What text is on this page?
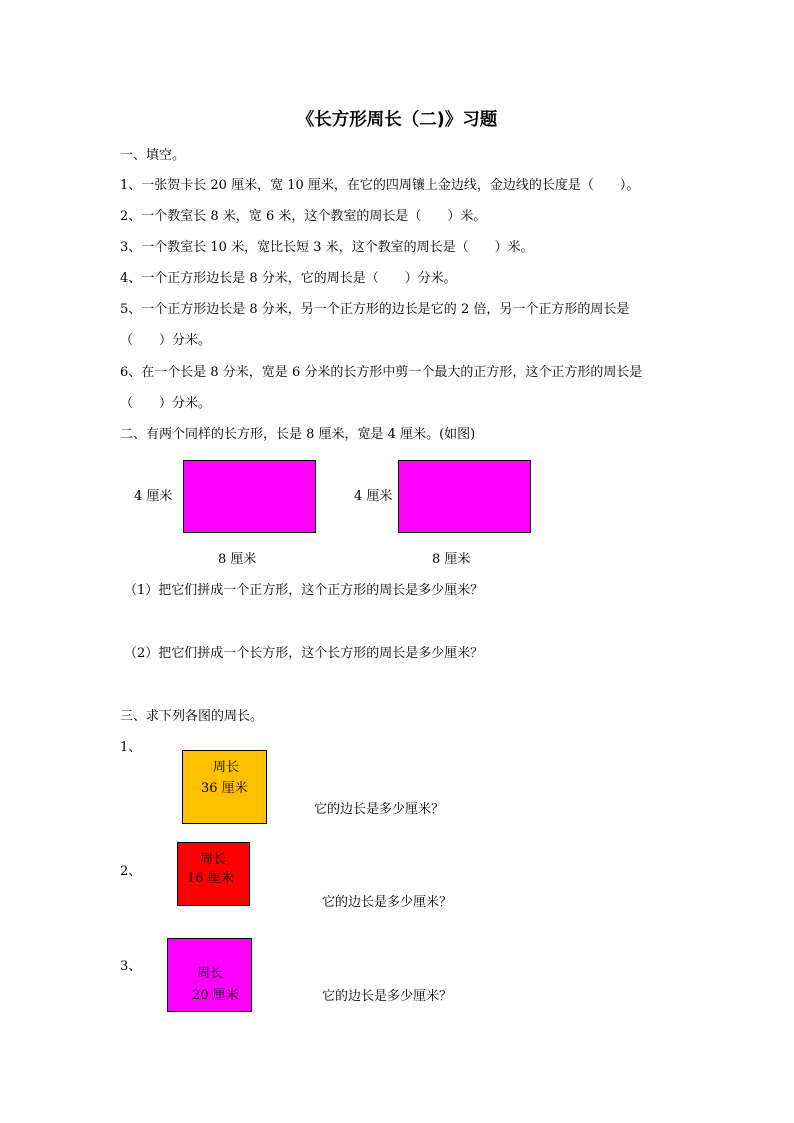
《长方形周长（二)》习题
一、填空。
1、一张贺卡长 20 厘米，宽 10 厘米，在它的四周镶上金边线，金边线的长度是（　　）。
2、一个教室长 8 米，宽 6 米，这个教室的周长是（　　）米。
3、一个教室长 10 米，宽比长短 3 米，这个教室的周长是（　　）米。
4、一个正方形边长是 8 分米，它的周长是（　　）分米。
5、一个正方形边长是 8 分米，另一个正方形的边长是它的 2 倍，另一个正方形的周长是
（　　）分米。
6、在一个长是 8 分米，宽是 6 分米的长方形中剪一个最大的正方形，这个正方形的周长是
（　　）分米。
二、有两个同样的长方形，长是 8 厘米，宽是 4 厘米。(如图)
4 厘米
8 厘米
4 厘米
8 厘米
（1）把它们拼成一个正方形，这个正方形的周长是多少厘米？
（2）把它们拼成一个长方形，这个长方形的周长是多少厘米？
三、求下列各图的周长。
1、
周长
36 厘米
它的边长是多少厘米？
2、
周长
16 厘米
它的边长是多少厘米？
3、	周长
20 厘米	它的边长是多少厘米？
